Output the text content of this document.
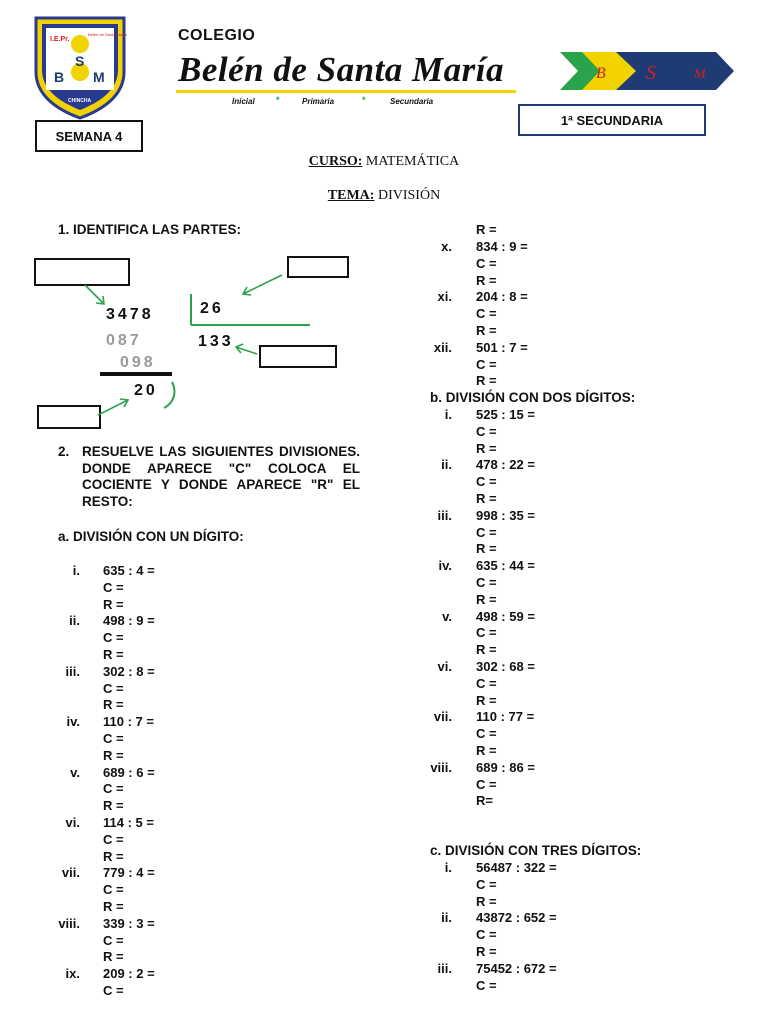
I.E.Pr.
Belén de Santa María
S
B M
CHINCHA
COLEGIO
Belén de Santa María
Inicial *	Primaria	*	Secundaria
B S	M
SEMANA 4
1ª SECUNDARIA
CURSO: MATEMÁTICA
TEMA: DIVISIÓN
1. IDENTIFICA LAS PARTES:
3478	26
087	133
098
20
2. RESUELVE LAS SIGUIENTES DIVISIONES. DONDE APARECE "C" COLOCA EL COCIENTE Y DONDE APARECE "R" EL RESTO:
a. DIVISIÓN CON UN DÍGITO:
b. DIVISIÓN CON DOS DÍGITOS:
c. DIVISIÓN CON TRES DÍGITOS:
i. 635 : 4 =
C =
R =
ii. 498 : 9 =
C =
R =
iii. 302 : 8 =
C =
R =
iv. 110 : 7 =
C =
R =
v. 689 : 6 =
C =
R =
vi. 114 : 5 =
C =
R =
vii. 779 : 4 =
C =
R =
viii. 339 : 3 =
C =
R =
ix. 209 : 2 =
C =
R =
x. 834 : 9 =
C =
R =
xi. 204 : 8 =
C =
R =
xii. 501 : 7 =
C =
R =
i. 525 : 15 =
C =
R =
ii. 478 : 22 =
C =
R =
iii. 998 : 35 =
C =
R =
iv. 635 : 44 =
C =
R =
v. 498 : 59 =
C =
R =
vi. 302 : 68 =
C =
R =
vii. 110 : 77 =
C =
R =
viii. 689 : 86 =
C =
R=
i. 56487 : 322 =
C =
R =
ii. 43872 : 652 =
C =
R =
iii. 75452 : 672 =
C =
